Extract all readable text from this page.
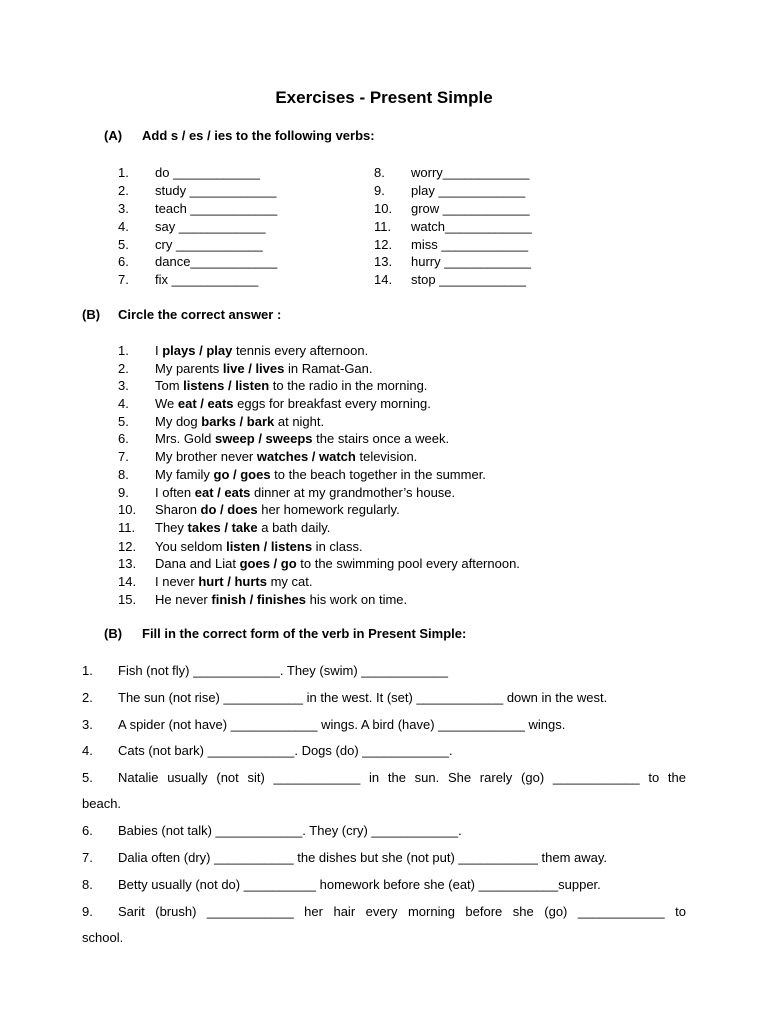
Exercises - Present Simple
(A) Add s / es / ies to the following verbs:
1.	do ____________
2.	study ____________
3.	teach ____________
4.	say ____________
5.	cry ____________
6.	dance____________
7.	fix ____________
8.	worry____________
9.	play ____________
10.	grow ____________
11.	watch____________
12.	miss ____________
13.	hurry ____________
14.	stop ____________
(B) Circle the correct answer :
1.	I plays / play tennis every afternoon.
2.	My parents live / lives in Ramat-Gan.
3.	Tom listens / listen to the radio in the morning.
4.	We eat / eats eggs for breakfast every morning.
5.	My dog barks / bark at night.
6.	Mrs. Gold sweep / sweeps the stairs once a week.
7.	My brother never watches / watch television.
8.	My family go / goes to the beach together in the summer.
9.	I often eat / eats dinner at my grandmother’s house.
10.	Sharon do / does her homework regularly.
11.	They takes / take a bath daily.
12.	You seldom listen / listens in class.
13.	Dana and Liat goes / go to the swimming pool every afternoon.
14.	I never hurt / hurts my cat.
15.	He never finish / finishes his work on time.
(B) Fill in the correct form of the verb in Present Simple:
1. Fish (not fly) ____________. They (swim) ____________
2. The sun (not rise) ___________ in the west. It (set) ____________ down in the west.
3. A spider (not have) ____________ wings. A bird (have) ____________ wings.
4. Cats (not bark) ____________. Dogs (do) ____________.
5. Natalie usually (not sit) ____________ in the sun. She rarely (go) ____________ to the
beach.
6. Babies (not talk) ____________. They (cry) ____________.
7. Dalia often (dry) ___________ the dishes but she (not put) ___________ them away.
8. Betty usually (not do) __________ homework before she (eat) ___________supper.
9. Sarit (brush) ____________ her hair every morning before she (go) ____________ to
school.
